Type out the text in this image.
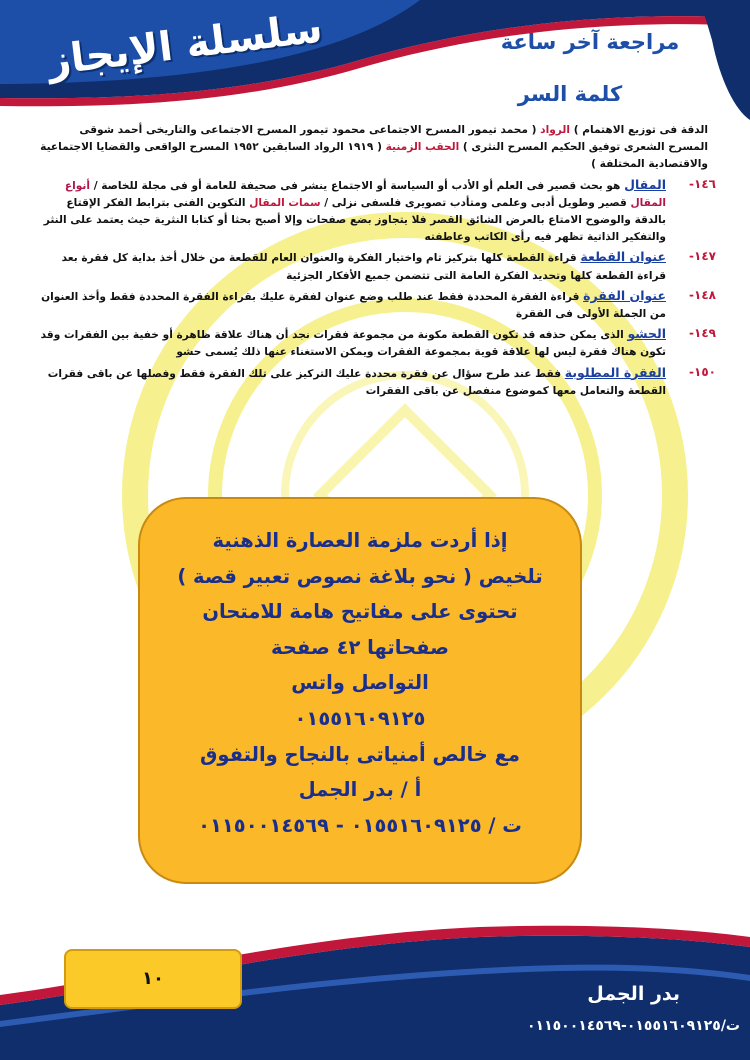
سلسلة الإيجاز	مراجعة آخر ساعة
كلمة السر
الدقة فى توزيع الاهتمام ) الرواد ( محمد تيمور المسرح الاجتماعى محمود تيمور المسرح الاجتماعى والتاريخى أحمد شوقى المسرح الشعرى توفيق الحكيم المسرح النثرى ) الحقب الزمنية ( ١٩١٩ الرواد السابقين ١٩٥٢ المسرح الواقعى والقضايا الاجتماعية والاقتصادية المختلفة )
١٤٦-
المقال هو بحث قصير فى العلم أو الأدب أو السياسة أو الاجتماع ينشر فى صحيفة للعامة أو فى مجلة للخاصة / أنواع المقال قصير وطويل أدبى وعلمى ومتأدب تصويرى فلسفى نزلى / سمات المقال التكوين الفنى بترابط الفكر الإقتاع بالدقة والوضوح الامتاع بالعرض الشائق القصر فلا يتجاوز بضع صفحات وإلا أصبح بحثا أو كتابا النثرية حيث يعتمد على النثر والتفكير الذاتية تظهر فيه رأى الكاتب وعاطفته
١٤٧-
عنوان القطعة قراءة القطعة كلها بتركيز تام واختيار الفكرة والعنوان العام للقطعة من خلال أخذ بداية كل فقرة بعد قراءة القطعة كلها وتحديد الفكرة العامة التى تتضمن جميع الأفكار الجزئية
١٤٨-
عنوان الفقرة قراءة الفقرة المحددة فقط عند طلب وضع عنوان لفقرة عليك بقراءة الفقرة المحددة فقط وأخذ العنوان من الجملة الأولى فى الفقرة
١٤٩-
الحشو الذى يمكن حذفه قد تكون القطعة مكونة من مجموعة فقرات نجد أن هناك علاقة ظاهرة أو خفية بين الفقرات وقد تكون هناك فقرة ليس لها علاقة قوية بمجموعة الفقرات ويمكن الاستغناء عنها ذلك يُسمى حشو
١٥٠-
الفقرة المطلوبة فقط عند طرح سؤال عن فقرة محددة عليك التركيز على تلك الفقرة فقط وفصلها عن باقى فقرات القطعة والتعامل معها كموضوع منفصل عن باقى الفقرات
إذا أردت ملزمة العصارة الذهنية
تلخيص ( نحو بلاغة نصوص تعبير قصة )
تحتوى على مفاتيح هامة للامتحان
صفحاتها ٤٢ صفحة
التواصل واتس
٠١٥٥١٦٠٩١٢٥
مع خالص أمنياتى بالنجاح والتفوق
أ / بدر الجمل
ت / ٠١٥٥١٦٠٩١٢٥ - ٠١١٥٠٠١٤٥٦٩
١٠
بدر الجمل
ت/٠١٥٥١٦٠٩١٢٥-٠١١٥٠٠١٤٥٦٩
